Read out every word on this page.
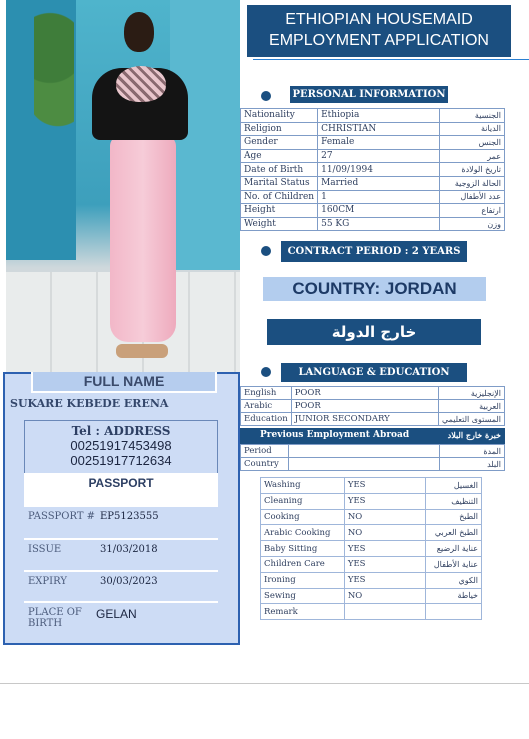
FULL NAME
SUKARE KEBEDE ERENA
Tel : ADDRESS
00251917453498
00251917712634
PASSPORT
PASSPORT # EP5123555
ISSUE	31/03/2018
EXPIRY	30/03/2023
PLACE OF
BIRTH
GELAN
ETHIOPIAN HOUSEMAID
EMPLOYMENT APPLICATION
PERSONAL INFORMATION
Nationality	Ethiopia	الجنسية
Religion	CHRISTIAN	الديانة
Gender	Female	الجنس
Age	27	عمر
Date of Birth	11/09/1994	تاريخ الولادة
Marital Status	Married	الحالة الزوجية
No. of Children	1	عدد الأطفال
Height	160CM	ارتفاع
Weight	55 KG	وزن
CONTRACT PERIOD : 2 YEARS
COUNTRY: JORDAN
خارج الدولة
LANGUAGE & EDUCATION
English	POOR	الإنجليزية
Arabic	POOR	العربية
Education	JUNIOR SECONDARY	المستوى التعليمي
Previous Employment Abroad	خبرة خارج البلاد
Period		المدة
Country		البلد
Washing	YES	الغسيل
Cleaning	YES	التنظيف
Cooking	NO	الطبخ
Arabic Cooking	NO	الطبخ العربي
Baby Sitting	YES	عناية الرضيع
Children Care	YES	عناية الأطفال
Ironing	YES	الكوي
Sewing	NO	خياطة
Remark		
